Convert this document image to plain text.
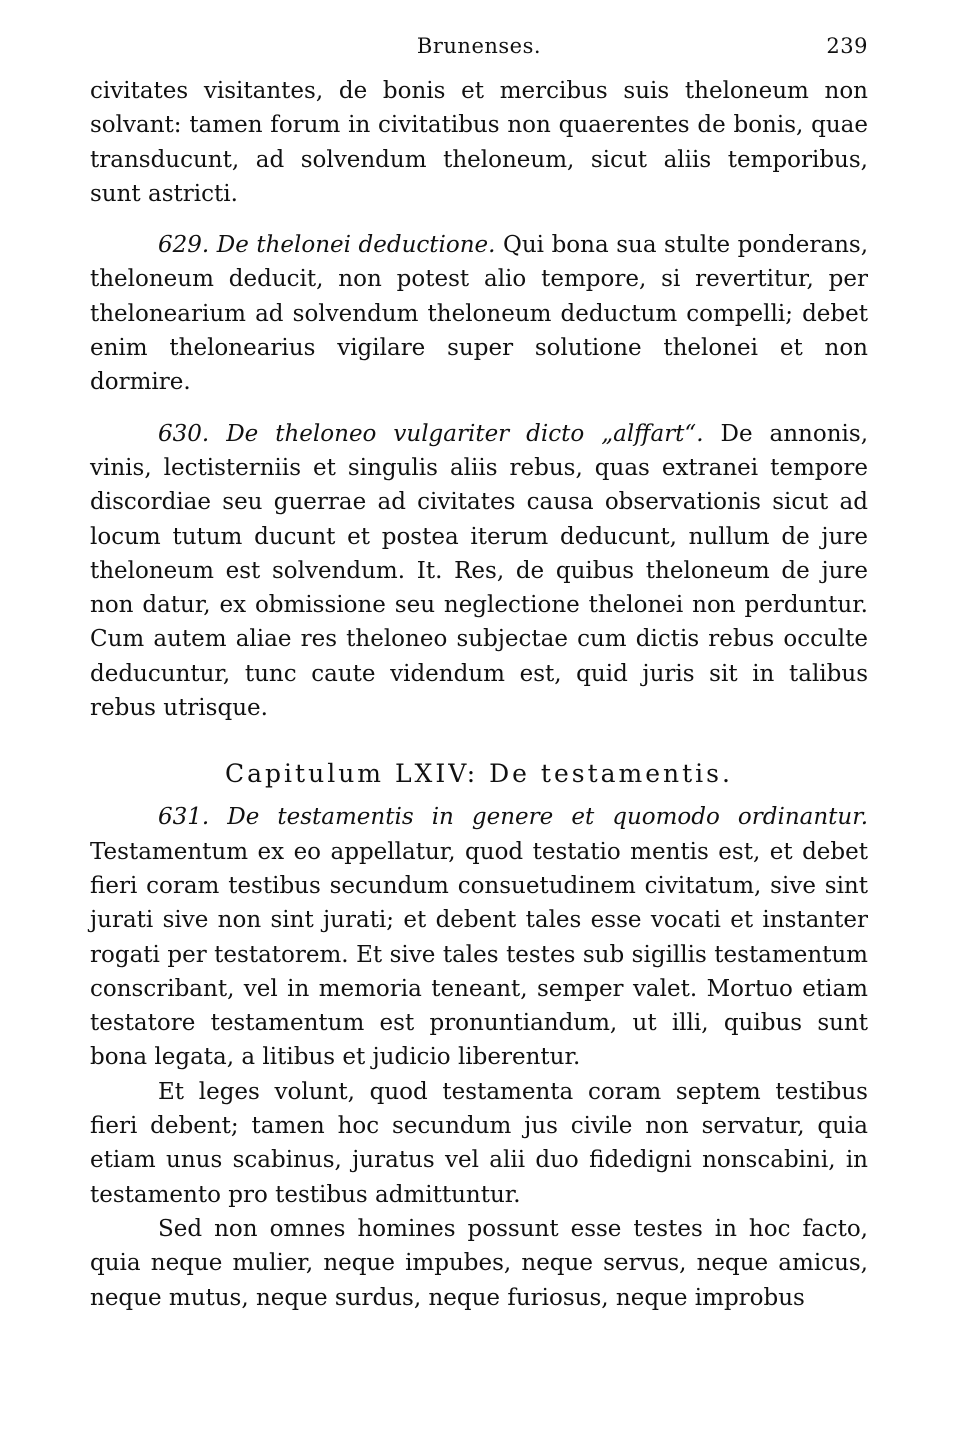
Brunenses.	239

civitates visitantes, de bonis et mercibus suis theloneum non solvant: tamen forum in civitatibus non quaerentes de bonis, quae transducunt, ad solvendum theloneum, sicut aliis temporibus, sunt astricti.

629. De thelonei deductione. Qui bona sua stulte ponderans, theloneum deducit, non potest alio tempore, si revertitur, per thelonearium ad solvendum theloneum deductum compelli; debet enim thelonearius vigilare super solutione thelonei et non dormire.

630. De theloneo vulgariter dicto „alffart“. De annonis, vinis, lectisterniis et singulis aliis rebus, quas extranei tempore discordiae seu guerrae ad civitates causa observationis sicut ad locum tutum ducunt et postea iterum deducunt, nullum de jure theloneum est solvendum. It. Res, de quibus theloneum de jure non datur, ex obmissione seu neglectione thelonei non perduntur. Cum autem aliae res theloneo subjectae cum dictis rebus occulte deducuntur, tunc caute videndum est, quid juris sit in talibus rebus utrisque.

Capitulum LXIV: De testamentis.

631. De testamentis in genere et quomodo ordinantur. Testamentum ex eo appellatur, quod testatio mentis est, et debet fieri coram testibus secundum consuetudinem civitatum, sive sint jurati sive non sint jurati; et debent tales esse vocati et instanter rogati per testatorem. Et sive tales testes sub sigillis testamentum conscribant, vel in memoria teneant, semper valet. Mortuo etiam testatore testamentum est pronuntiandum, ut illi, quibus sunt bona legata, a litibus et judicio liberentur.

Et leges volunt, quod testamenta coram septem testibus fieri debent; tamen hoc secundum jus civile non servatur, quia etiam unus scabinus, juratus vel alii duo fidedigni nonscabini, in testamento pro testibus admittuntur.

Sed non omnes homines possunt esse testes in hoc facto, quia neque mulier, neque impubes, neque servus, neque amicus, neque mutus, neque surdus, neque furiosus, neque improbus
